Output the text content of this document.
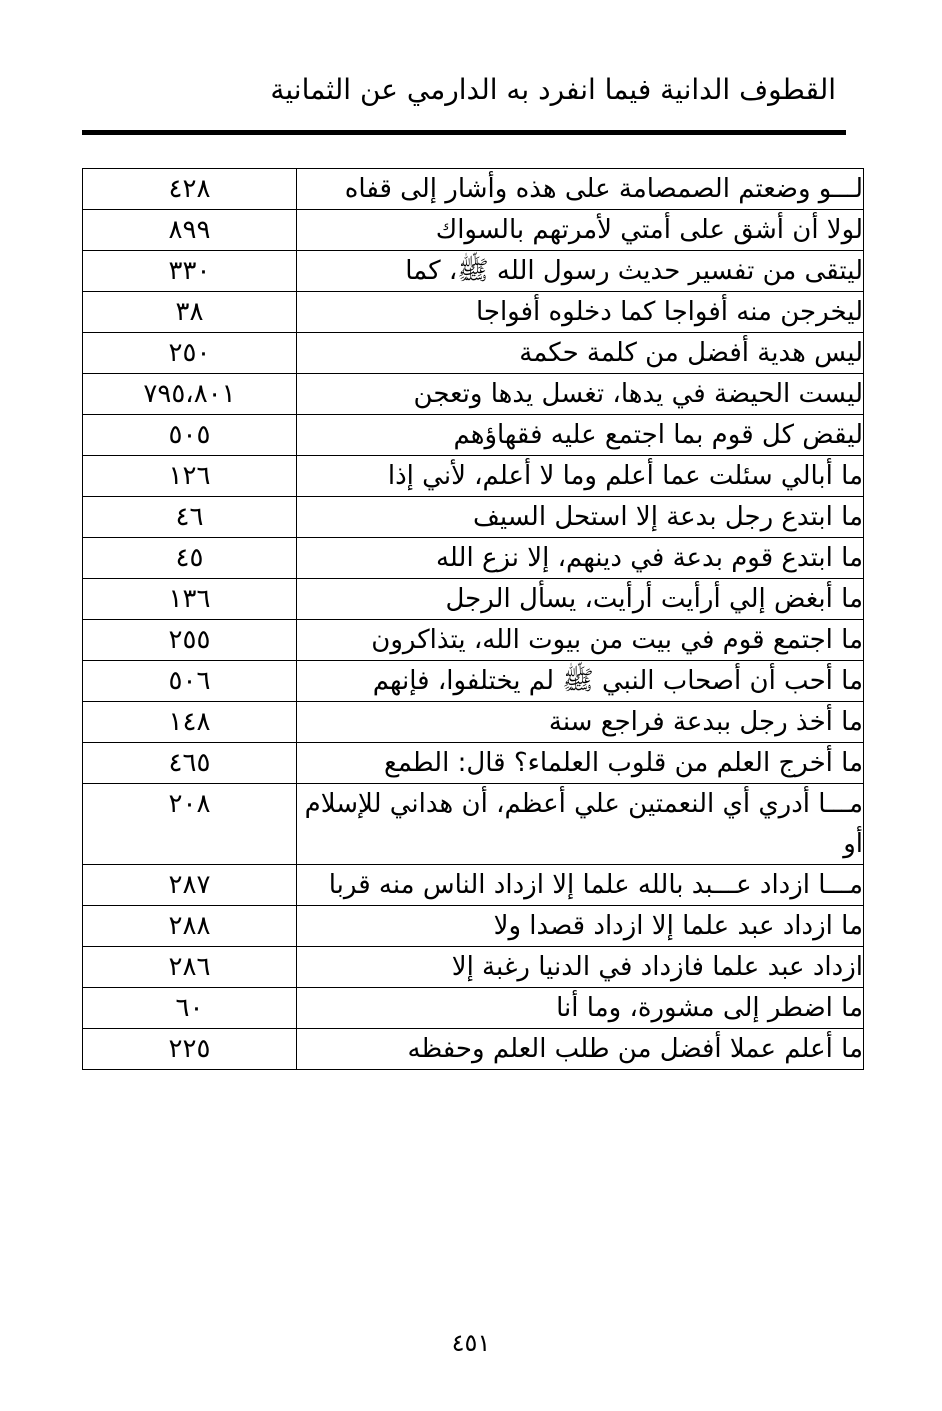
القطوف الدانية فيما انفرد به الدارمي عن الثمانية
لـــو وضعتم الصمصامة على هذه وأشار إلى قفاه	٤٢٨
لولا أن أشق على أمتي لأمرتهم بالسواك	٨٩٩
ليتقى من تفسير حديث رسول الله ﷺ، كما	٣٣٠
ليخرجن منه أفواجا كما دخلوه أفواجا	٣٨
ليس هدية أفضل من كلمة حكمة	٢٥٠
ليست الحيضة في يدها، تغسل يدها وتعجن	٧٩٥،٨٠١
ليقض كل قوم بما اجتمع عليه فقهاؤهم	٥٠٥
ما أبالي سئلت عما أعلم وما لا أعلم، لأني إذا	١٢٦
ما ابتدع رجل بدعة إلا استحل السيف	٤٦
ما ابتدع قوم بدعة في دينهم، إلا نزع الله	٤٥
ما أبغض إلي أرأيت أرأيت، يسأل الرجل	١٣٦
ما اجتمع قوم في بيت من بيوت الله، يتذاكرون	٢٥٥
ما أحب أن أصحاب النبي ﷺ لم يختلفوا، فإنهم	٥٠٦
ما أخذ رجل ببدعة فراجع سنة	١٤٨
ما أخرج العلم من قلوب العلماء؟ قال: الطمع	٤٦٥
مـــا أدري أي النعمتين علي أعظم، أن هداني للإسلام أو	٢٠٨
مـــا ازداد عـــبد بالله علما إلا ازداد الناس منه قربا	٢٨٧
ما ازداد عبد علما إلا ازداد قصدا ولا	٢٨٨
ازداد عبد علما فازداد في الدنيا رغبة إلا	٢٨٦
ما اضطر إلى مشورة، وما أنا	٦٠
ما أعلم عملا أفضل من طلب العلم وحفظه	٢٢٥
٤٥١
